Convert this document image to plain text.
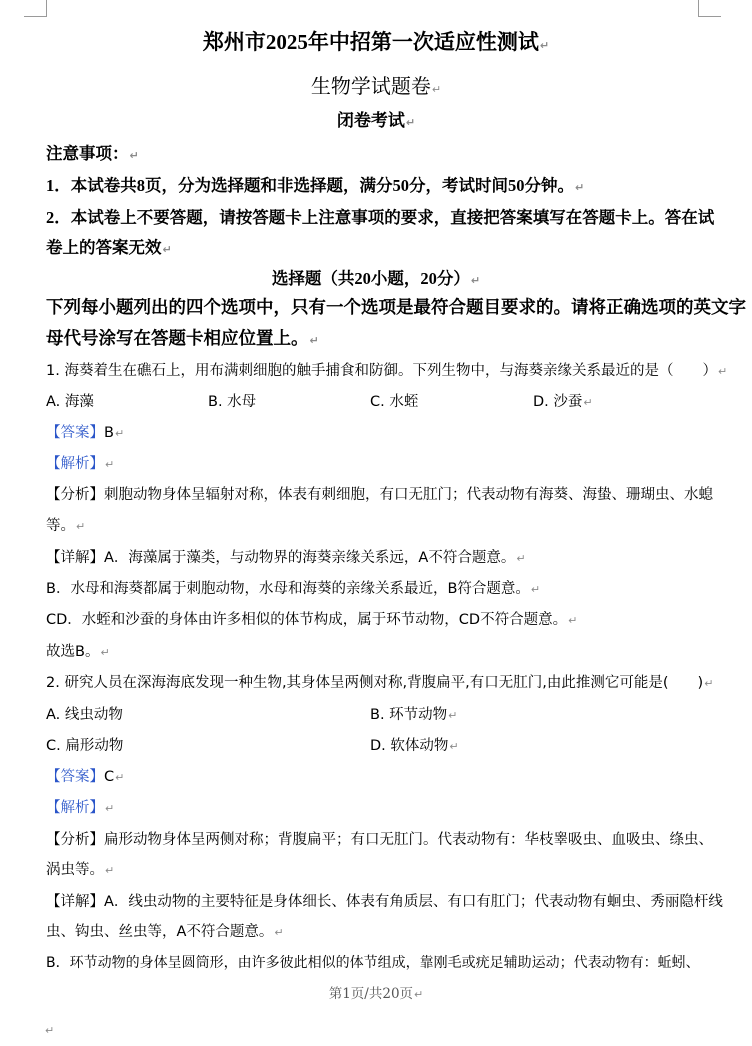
郑州市2025年中招第一次适应性测试↵
生物学试题卷↵
闭卷考试↵
注意事项：↵
1．本试卷共8页，分为选择题和非选择题，满分50分，考试时间50分钟。↵
2．本试卷上不要答题，请按答题卡上注意事项的要求，直接把答案填写在答题卡上。答在试
卷上的答案无效↵
选择题（共20小题，20分）↵
下列每小题列出的四个选项中，只有一个选项是最符合题目要求的。请将正确选项的英文字
母代号涂写在答题卡相应位置上。↵
1. 海葵着生在礁石上，用布满刺细胞的触手捕食和防御。下列生物中，与海葵亲缘关系最近的是（　　）↵
A. 海藻	B. 水母	C. 水蛭	D. 沙蚕↵
【答案】B↵
【解析】↵
【分析】刺胞动物身体呈辐射对称，体表有刺细胞，有口无肛门；代表动物有海葵、海蛰、珊瑚虫、水螅
等。↵
【详解】A．海藻属于藻类，与动物界的海葵亲缘关系远，A不符合题意。↵
B．水母和海葵都属于刺胞动物，水母和海葵的亲缘关系最近，B符合题意。↵
CD．水蛭和沙蚕的身体由许多相似的体节构成，属于环节动物，CD不符合题意。↵
故选B。↵
2. 研究人员在深海海底发现一种生物,其身体呈两侧对称,背腹扁平,有口无肛门,由此推测它可能是(　　)↵
A. 线虫动物	B. 环节动物↵
C. 扁形动物	D. 软体动物↵
【答案】C↵
【解析】↵
【分析】扁形动物身体呈两侧对称；背腹扁平；有口无肛门。代表动物有：华枝睾吸虫、血吸虫、绦虫、
涡虫等。↵
【详解】A．线虫动物的主要特征是身体细长、体表有角质层、有口有肛门；代表动物有蛔虫、秀丽隐杆线
虫、钩虫、丝虫等，A不符合题意。↵
B．环节动物的身体呈圆筒形，由许多彼此相似的体节组成，靠刚毛或疣足辅助运动；代表动物有：蚯蚓、
第1页/共20页↵
↵
